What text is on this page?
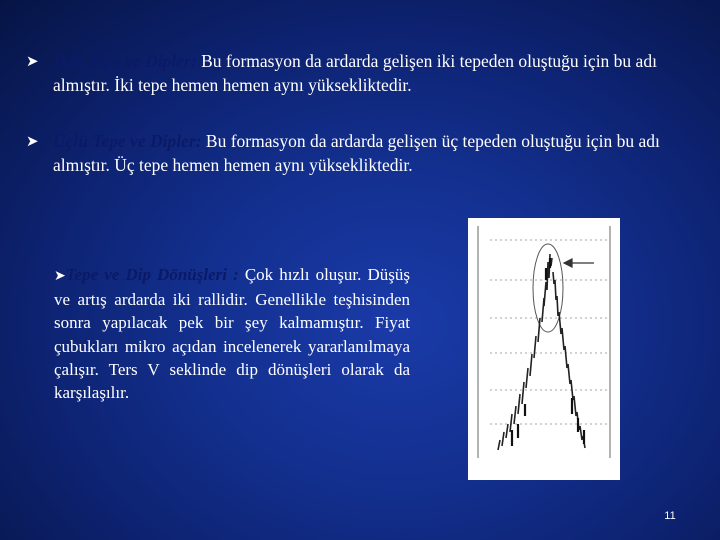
➤ İkili Tepe ve Dipler: Bu formasyon da ardarda gelişen iki tepeden oluştuğu için bu adı almıştır. İki tepe hemen hemen aynı yüksekliktedir.
➤ Üçlü Tepe ve Dipler: Bu formasyon da ardarda gelişen üç tepeden oluştuğu için bu adı almıştır. Üç tepe hemen hemen aynı yüksekliktedir.
➤Tepe ve Dip Dönüşleri : Çok hızlı oluşur. Düşüş ve artış ardarda iki rallidir. Genellikle teşhisinden sonra yapılacak pek bir şey kalmamıştır. Fiyat çubukları mikro açıdan incelenerek yararlanılmaya çalışır. Ters V seklinde dip dönüşleri olarak da karşılaşılır.
11
